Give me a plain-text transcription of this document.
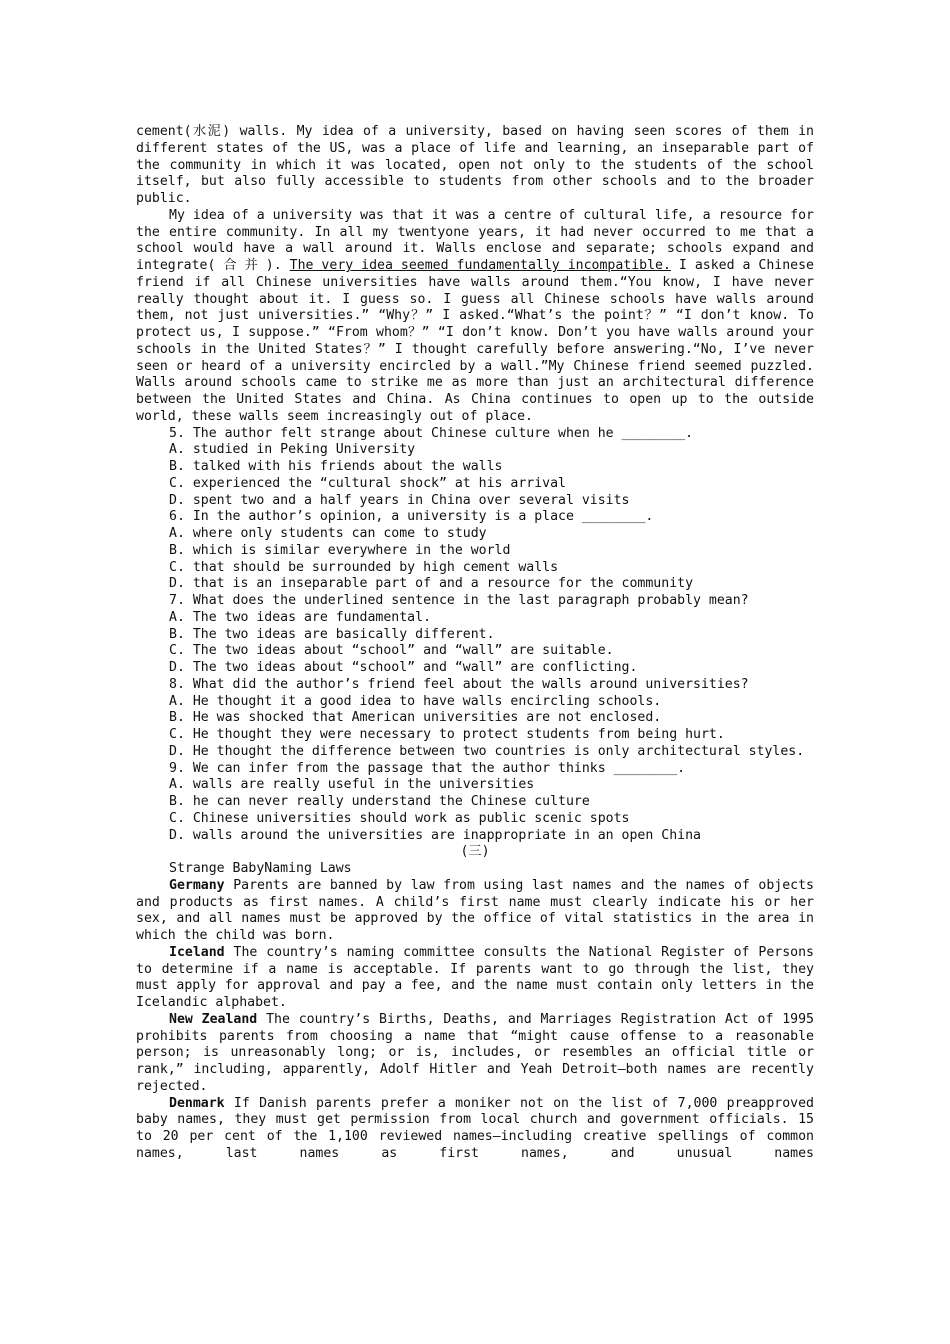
cement(水泥) walls. My idea of a university, based on having seen scores of them in different states of the US, was a place of life and learning, an inseparable part of the community in which it was located, open not only to the students of the school itself, but also fully accessible to students from other schools and to the broader public.

My idea of a university was that it was a centre of cultural life, a resource for the entire community. In all my twentyone years, it had never occurred to me that a school would have a wall around it. Walls enclose and separate; schools expand and integrate( 合 并 ). The very idea seemed fundamentally incompatible. I asked a Chinese friend if all Chinese universities have walls around them.“You know, I have never really thought about it. I guess so. I guess all Chinese schools have walls around them, not just universities.” “Why？” I asked.“What’s the point？” “I don’t know. To protect us, I suppose.” “From whom？” “I don’t know. Don’t you have walls around your schools in the United States？” I thought carefully before answering.“No, I’ve never seen or heard of a university encircled by a wall.”My Chinese friend seemed puzzled. Walls around schools came to strike me as more than just an architectural difference between the United States and China. As China continues to open up to the outside world, these walls seem increasingly out of place.

5. The author felt strange about Chinese culture when he ________.

A. studied in Peking University

B. talked with his friends about the walls

C. experienced the “cultural shock” at his arrival

D. spent two and a half years in China over several visits

6. In the author’s opinion, a university is a place ________.

A. where only students can come to study

B. which is similar everywhere in the world

C. that should be surrounded by high cement walls

D. that is an inseparable part of and a resource for the community

7. What does the underlined sentence in the last paragraph probably mean?

A. The two ideas are fundamental.

B. The two ideas are basically different.

C. The two ideas about “school” and “wall” are suitable.

D. The two ideas about “school” and “wall” are conflicting.

8. What did the author’s friend feel about the walls around universities?

A. He thought it a good idea to have walls encircling schools.

B. He was shocked that American universities are not enclosed.

C. He thought they were necessary to protect students from being hurt.

D. He thought the difference between two countries is only architectural styles.

9. We can infer from the passage that the author thinks ________.

A. walls are really useful in the universities

B. he can never really understand the Chinese culture

C. Chinese universities should work as public scenic spots

D. walls around the universities are inappropriate in an open China

(三)

Strange BabyNaming Laws

Germany Parents are banned by law from using last names and the names of objects and products as first names. A child’s first name must clearly indicate his or her sex, and all names must be approved by the office of vital statistics in the area in which the child was born.

Iceland The country’s naming committee consults the National Register of Persons to determine if a name is acceptable. If parents want to go through the list, they must apply for approval and pay a fee, and the name must contain only letters in the Icelandic alphabet.

New Zealand The country’s Births, Deaths, and Marriages Registration Act of 1995 prohibits parents from choosing a name that “might cause offense to a reasonable person; is unreasonably long; or is, includes, or resembles an official title or rank,” including, apparently, Adolf Hitler and Yeah Detroit—both names are recently rejected.

Denmark If Danish parents prefer a moniker not on the list of 7,000 preapproved baby names, they must get permission from local church and government officials. 15 to 20 per cent of the 1,100 reviewed names—including creative spellings of common names, last names as first names, and unusual names
